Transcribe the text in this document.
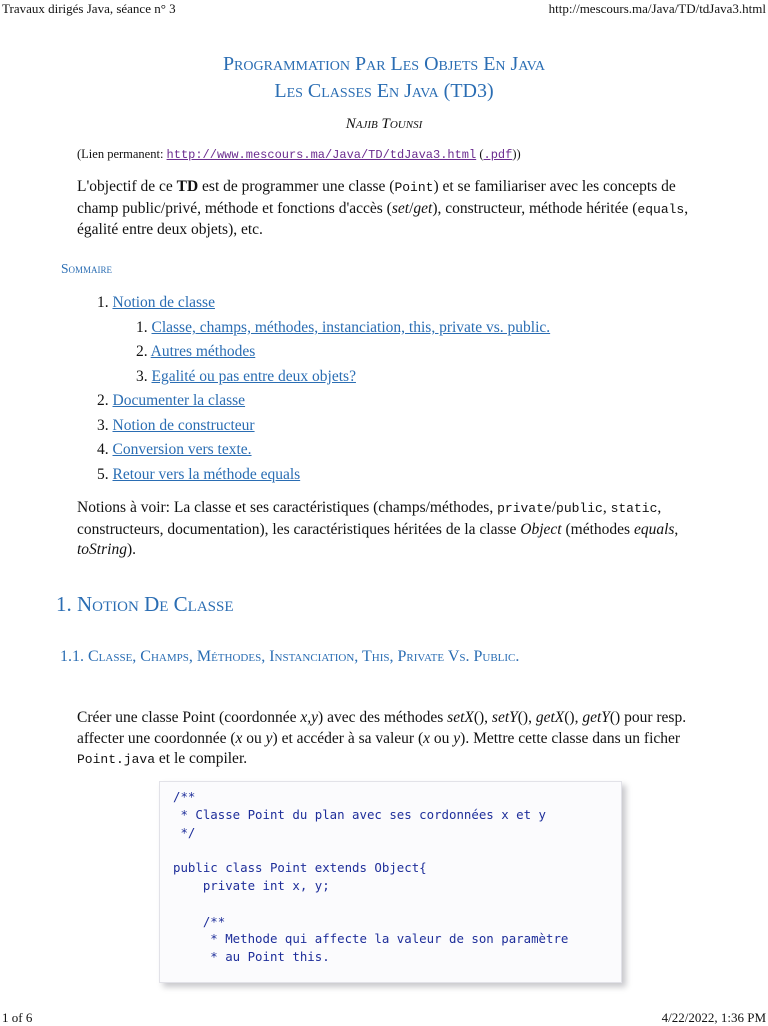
Travaux dirigés Java, séance n° 3	http://mescours.ma/Java/TD/tdJava3.html
Programmation Par Les Objets En Java
Les Classes En Java (TD3)
Najib Tounsi
(Lien permanent: http://www.mescours.ma/Java/TD/tdJava3.html (.pdf))
L'objectif de ce TD est de programmer une classe (Point) et se familiariser avec les concepts de champ public/privé, méthode et fonctions d'accès (set/get), constructeur, méthode héritée (equals, égalité entre deux objets), etc.
Sommaire
1. Notion de classe
1. Classe, champs, méthodes, instanciation, this, private vs. public.
2. Autres méthodes
3. Egalité ou pas entre deux objets?
2. Documenter la classe
3. Notion de constructeur
4. Conversion vers texte.
5. Retour vers la méthode equals
Notions à voir: La classe et ses caractéristiques (champs/méthodes, private/public, static, constructeurs, documentation), les caractéristiques héritées de la classe Object (méthodes equals, toString).
1. Notion De Classe
1.1. Classe, Champs, Méthodes, Instanciation, This, Private Vs. Public.
Créer une classe Point (coordonnée x,y) avec des méthodes setX(), setY(), getX(), getY() pour resp. affecter une coordonnée (x ou y) et accéder à sa valeur (x ou y). Mettre cette classe dans un ficher Point.java et le compiler.
/**
* Classe Point du plan avec ses cordonnées x et y
*/

public class Point extends Object{
private int x, y;

/**
* Methode qui affecte la valeur de son paramètre
* au Point this.
1 of 6	4/22/2022, 1:36 PM
